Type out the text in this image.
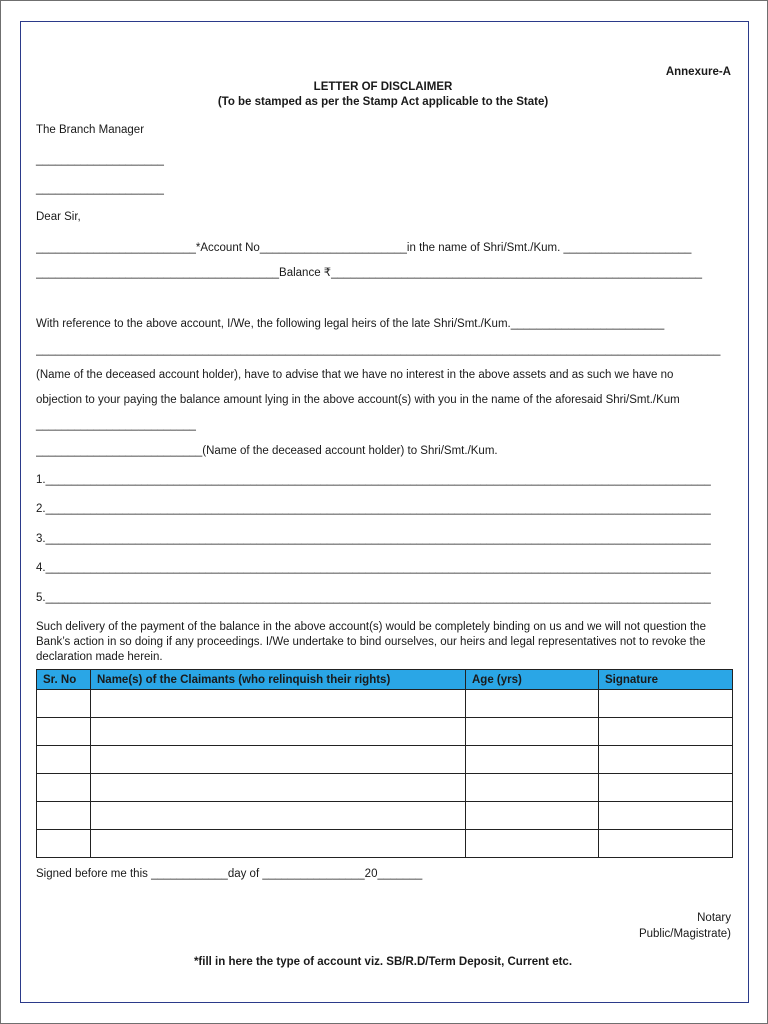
Annexure-A
LETTER OF DISCLAIMER
(To be stamped as per the Stamp Act applicable to the State)
The Branch Manager
____________________
____________________
Dear Sir,
_________________________*Account No_______________________in the name of Shri/Smt./Kum. ____________________
______________________________________Balance ₹__________________________________________________________
With reference to the above account, I/We, the following legal heirs of the late Shri/Smt./Kum.________________________
___________________________________________________________________________________________________________
(Name of the deceased account holder), have to advise that we have no interest in the above assets and as such we have no
objection to your paying the balance amount lying in the above account(s) with you in the name of the aforesaid Shri/Smt./Kum
_________________________
__________________________(Name of the deceased account holder) to Shri/Smt./Kum.
1.________________________________________________________________________________________________________
2.________________________________________________________________________________________________________
3.________________________________________________________________________________________________________
4.________________________________________________________________________________________________________
5.________________________________________________________________________________________________________
Such delivery of the payment of the balance in the above account(s) would be completely binding on us and we will not question the Bank’s action in so doing if any proceedings. I/We undertake to bind ourselves, our heirs and legal representatives not to revoke the declaration made herein.
Sr. No	Name(s) of the Claimants (who relinquish their rights)	Age (yrs)	Signature

Signed before me this ____________day of ________________20_______
Notary
Public/Magistrate)
*fill in here the type of account viz. SB/R.D/Term Deposit, Current etc.
